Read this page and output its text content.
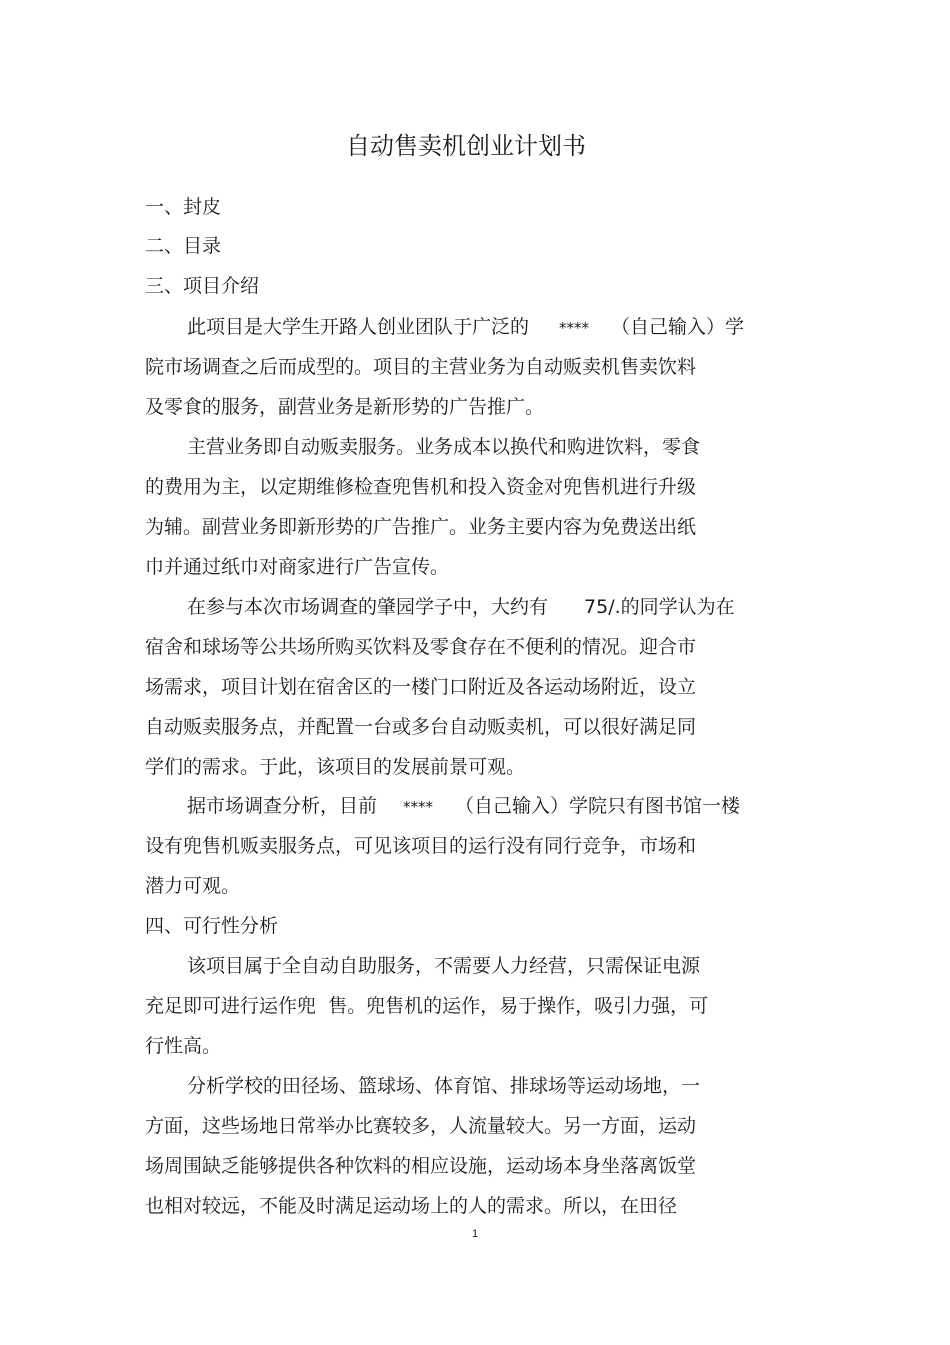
自动售卖机创业计划书
一、封皮
二、目录
三、项目介绍
此项目是大学生开路人创业团队于广泛的 **** （自己输入）学
院市场调查之后而成型的。项目的主营业务为自动贩卖机售卖饮料
及零食的服务，副营业务是新形势的广告推广。
主营业务即自动贩卖服务。业务成本以换代和购进饮料，零食
的费用为主，以定期维修检查兜售机和投入资金对兜售机进行升级
为辅。副营业务即新形势的广告推广。业务主要内容为免费送出纸
巾并通过纸巾对商家进行广告宣传。
在参与本次市场调查的肇园学子中，大约有 75/.的同学认为在
宿舍和球场等公共场所购买饮料及零食存在不便利的情况。迎合市
场需求，项目计划在宿舍区的一楼门口附近及各运动场附近，设立
自动贩卖服务点，并配置一台或多台自动贩卖机，可以很好满足同
学们的需求。于此，该项目的发展前景可观。
据市场调查分析，目前 **** （自己输入）学院只有图书馆一楼
设有兜售机贩卖服务点，可见该项目的运行没有同行竞争，市场和
潜力可观。
四、可行性分析
该项目属于全自动自助服务，不需要人力经营，只需保证电源
充足即可进行运作兜  售。兜售机的运作，易于操作，吸引力强，可
行性高。
分析学校的田径场、篮球场、体育馆、排球场等运动场地，一
方面，这些场地日常举办比赛较多，人流量较大。另一方面，运动
场周围缺乏能够提供各种饮料的相应设施，运动场本身坐落离饭堂
也相对较远，不能及时满足运动场上的人的需求。所以，在田径
1
